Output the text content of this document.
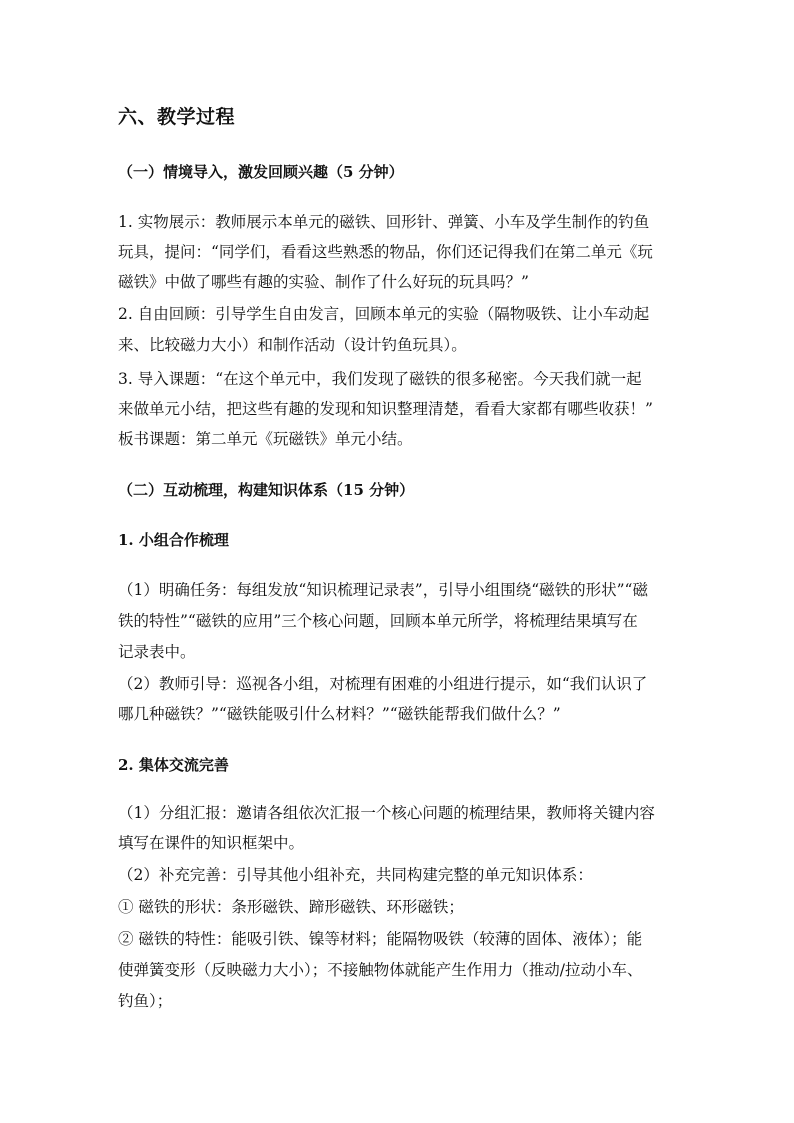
六、教学过程
（一）情境导入，激发回顾兴趣（5 分钟）
1. 实物展示：教师展示本单元的磁铁、回形针、弹簧、小车及学生制作的钓鱼
玩具，提问：“同学们，看看这些熟悉的物品，你们还记得我们在第二单元《玩
磁铁》中做了哪些有趣的实验、制作了什么好玩的玩具吗？”
2. 自由回顾：引导学生自由发言，回顾本单元的实验（隔物吸铁、让小车动起
来、比较磁力大小）和制作活动（设计钓鱼玩具）。
3. 导入课题：“在这个单元中，我们发现了磁铁的很多秘密。今天我们就一起
来做单元小结，把这些有趣的发现和知识整理清楚，看看大家都有哪些收获！”
板书课题：第二单元《玩磁铁》单元小结。
（二）互动梳理，构建知识体系（15 分钟）
1. 小组合作梳理
（1）明确任务：每组发放“知识梳理记录表”，引导小组围绕“磁铁的形状”“磁
铁的特性”“磁铁的应用”三个核心问题，回顾本单元所学，将梳理结果填写在
记录表中。
（2）教师引导：巡视各小组，对梳理有困难的小组进行提示，如“我们认识了
哪几种磁铁？”“磁铁能吸引什么材料？”“磁铁能帮我们做什么？”
2. 集体交流完善
（1）分组汇报：邀请各组依次汇报一个核心问题的梳理结果，教师将关键内容
填写在课件的知识框架中。
（2）补充完善：引导其他小组补充，共同构建完整的单元知识体系：
① 磁铁的形状：条形磁铁、蹄形磁铁、环形磁铁；
② 磁铁的特性：能吸引铁、镍等材料；能隔物吸铁（较薄的固体、液体）；能
使弹簧变形（反映磁力大小）；不接触物体就能产生作用力（推动/拉动小车、
钓鱼）；
